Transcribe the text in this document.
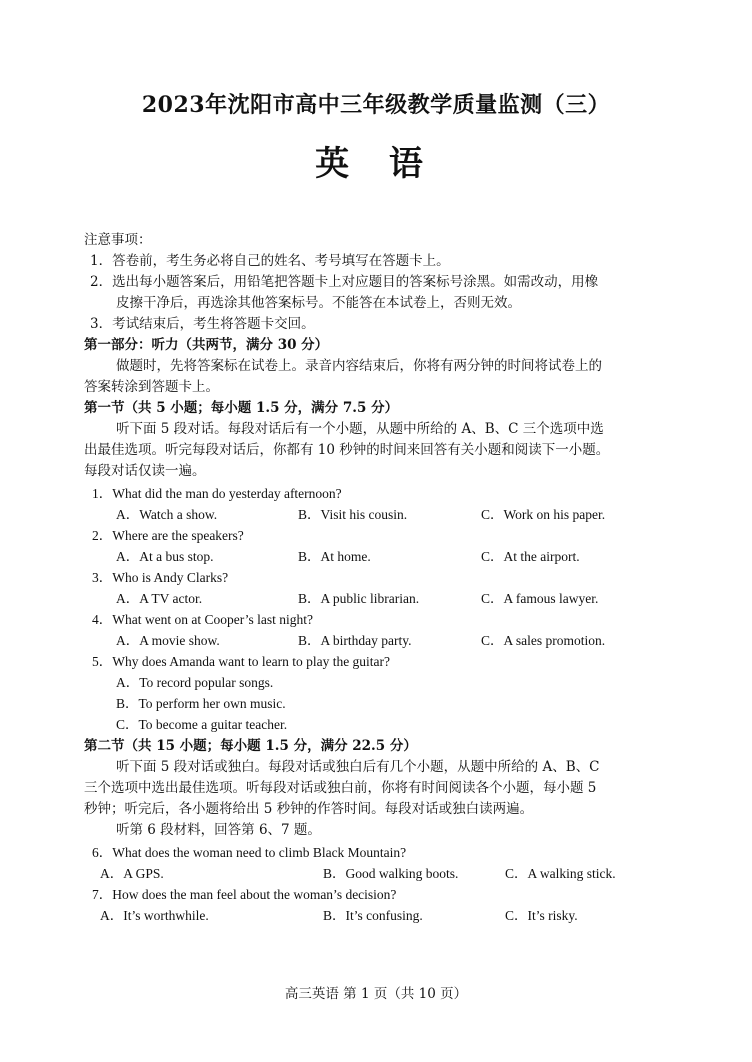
2023年沈阳市高中三年级教学质量监测（三）
英 语
注意事项：
1．答卷前，考生务必将自己的姓名、考号填写在答题卡上。
2．选出每小题答案后，用铅笔把答题卡上对应题目的答案标号涂黑。如需改动，用橡
皮擦干净后，再选涂其他答案标号。不能答在本试卷上，否则无效。
3．考试结束后，考生将答题卡交回。
第一部分：听力（共两节，满分 30 分）
做题时，先将答案标在试卷上。录音内容结束后，你将有两分钟的时间将试卷上的
答案转涂到答题卡上。
第一节（共 5 小题；每小题 1.5 分，满分 7.5 分）
听下面 5 段对话。每段对话后有一个小题，从题中所给的 A、B、C 三个选项中选
出最佳选项。听完每段对话后，你都有 10 秒钟的时间来回答有关小题和阅读下一小题。
每段对话仅读一遍。
1．What did the man do yesterday afternoon?
A．Watch a show.	B．Visit his cousin.	C．Work on his paper.
2．Where are the speakers?
A．At a bus stop.	B．At home.	C．At the airport.
3．Who is Andy Clarks?
A．A TV actor.	B．A public librarian.	C．A famous lawyer.
4．What went on at Cooper’s last night?
A．A movie show.	B．A birthday party.	C．A sales promotion.
5．Why does Amanda want to learn to play the guitar?
A．To record popular songs.
B．To perform her own music.
C．To become a guitar teacher.
第二节（共 15 小题；每小题 1.5 分，满分 22.5 分）
听下面 5 段对话或独白。每段对话或独白后有几个小题，从题中所给的 A、B、C
三个选项中选出最佳选项。听每段对话或独白前，你将有时间阅读各个小题，每小题 5
秒钟；听完后，各小题将给出 5 秒钟的作答时间。每段对话或独白读两遍。
听第 6 段材料，回答第 6、7 题。
6．What does the woman need to climb Black Mountain?
A．A GPS.	B．Good walking boots.	C．A walking stick.
7．How does the man feel about the woman’s decision?
A．It’s worthwhile.	B．It’s confusing.	C．It’s risky.
高三英语 第 1 页（共 10 页）
